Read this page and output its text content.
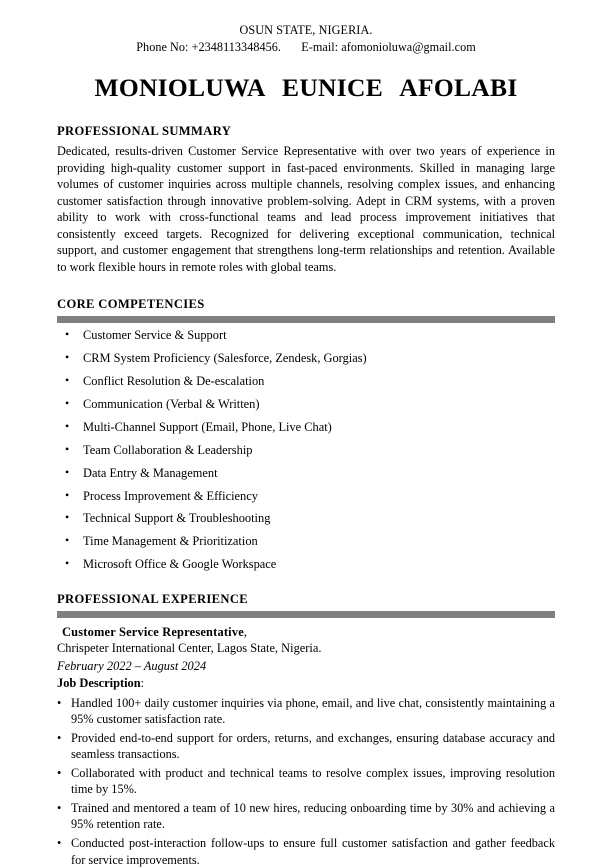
OSUN STATE, NIGERIA.
Phone No: +2348113348456. E-mail: afomonioluwa@gmail.com
MONIOLUWA EUNICE AFOLABI
PROFESSIONAL SUMMARY

Dedicated, results-driven Customer Service Representative with over two years of experience in providing high-quality customer support in fast-paced environments. Skilled in managing large volumes of customer inquiries across multiple channels, resolving complex issues, and enhancing customer satisfaction through innovative problem-solving. Adept in CRM systems, with a proven ability to work with cross-functional teams and lead process improvement initiatives that consistently exceed targets. Recognized for delivering exceptional communication, technical support, and customer engagement that strengthens long-term relationships and retention. Available to work flexible hours in remote roles with global teams.

CORE COMPETENCIES
• Customer Service & Support
• CRM System Proficiency (Salesforce, Zendesk, Gorgias)
• Conflict Resolution & De-escalation
• Communication (Verbal & Written)
• Multi-Channel Support (Email, Phone, Live Chat)
• Team Collaboration & Leadership
• Data Entry & Management
• Process Improvement & Efficiency
• Technical Support & Troubleshooting
• Time Management & Prioritization
• Microsoft Office & Google Workspace
PROFESSIONAL EXPERIENCE
Customer Service Representative,
Chrispeter International Center, Lagos State, Nigeria.
February 2022 – August 2024
Job Description:
• Handled 100+ daily customer inquiries via phone, email, and live chat, consistently maintaining a 95% customer satisfaction rate.
• Provided end-to-end support for orders, returns, and exchanges, ensuring database accuracy and seamless transactions.
• Collaborated with product and technical teams to resolve complex issues, improving resolution time by 15%.
• Trained and mentored a team of 10 new hires, reducing onboarding time by 30% and achieving a 95% retention rate.
• Conducted post-interaction follow-ups to ensure full customer satisfaction and gather feedback for service improvements.
